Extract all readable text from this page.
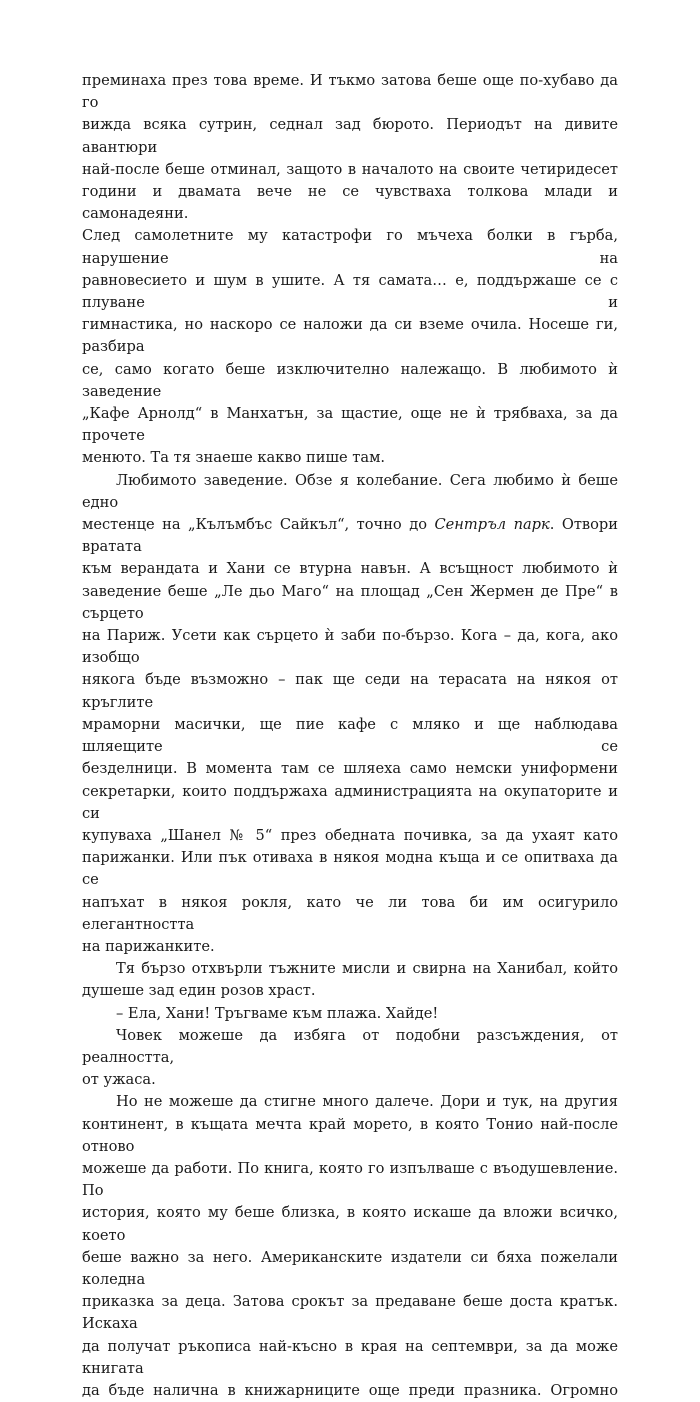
преминаха през това време. И тъкмо затова беше още по-хубаво да го
вижда всяка сутрин, седнал зад бюрото. Периодът на дивите авантюри
най-после беше отминал, защото в началото на своите четиридесет
години и двамата вече не се чувстваха толкова млади и самонадеяни.
След самолетните му катастрофи го мъчеха болки в гърба, нарушение на
равновесието и шум в ушите. А тя самата… е, поддържаше се с плуване и
гимнастика, но наскоро се наложи да си вземе очила. Носеше ги, разбира
се, само когато беше изключително належащо. В любимото ѝ заведение
„Кафе Арнолд“ в Манхатън, за щастие, още не ѝ трябваха, за да прочете
менюто. Та тя знаеше какво пише там.
Любимото заведение. Обзе я колебание. Сега любимо ѝ беше едно
местенце на „Кълъмбъс Сайкъл“, точно до Сентръл парк. Отвори вратата
към верандата и Хани се втурна навън. А всъщност любимото ѝ
заведение беше „Ле дьо Маго“ на площад „Сен Жермен де Пре“ в сърцето
на Париж. Усети как сърцето ѝ заби по-бързо. Кога – да, кога, ако изобщо
някога бъде възможно – пак ще седи на терасата на някоя от кръглите
мраморни масички, ще пие кафе с мляко и ще наблюдава шляещите се
безделници. В момента там се шляеха само немски униформени
секретарки, които поддържаха администрацията на окупаторите и си
купуваха „Шанел № 5“ през обедната почивка, за да ухаят като
парижанки. Или пък отиваха в някоя модна къща и се опитваха да се
напъхат в някоя рокля, като че ли това би им осигурило елегантността
на парижанките.
Тя бързо отхвърли тъжните мисли и свирна на Ханибал, който
душеше зад един розов храст.
– Ела, Хани! Тръгваме към плажа. Хайде!
Човек можеше да избяга от подобни разсъждения, от реалността,
от ужаса.
Но не можеше да стигне много далече. Дори и тук, на другия
континент, в къщата мечта край морето, в която Тонио най-после отново
можеше да работи. По книга, която го изпълваше с въодушевление. По
история, която му беше близка, в която искаше да вложи всичко, което
беше важно за него. Американските издатели си бяха пожелали коледна
приказка за деца. Затова срокът за предаване беше доста кратък. Искаха
да получат ръкописа най-късно в края на септември, за да може книгата
да бъде налична в книжарниците още преди празника. Огромно
